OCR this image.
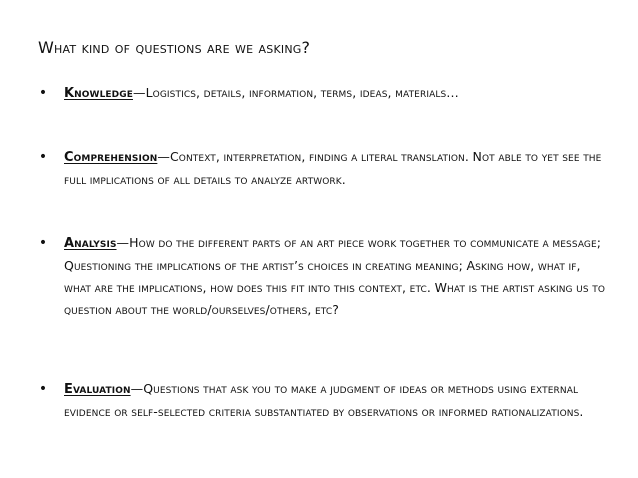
What kind of questions are we asking?
• Knowledge—Logistics, details, information, terms, ideas, materials…
• Comprehension—Context, interpretation, finding a literal translation. Not able to yet see the full implications of all details to analyze artwork.
• Analysis—How do the different parts of an art piece work together to communicate a message; Questioning the implications of the artist’s choices in creating meaning; Asking how, what if, what are the implications, how does this fit into this context, etc. What is the artist asking us to question about the world/ourselves/others, etc?
• Evaluation—Questions that ask you to make a judgment of ideas or methods using external evidence or self-selected criteria substantiated by observations or informed rationalizations.
